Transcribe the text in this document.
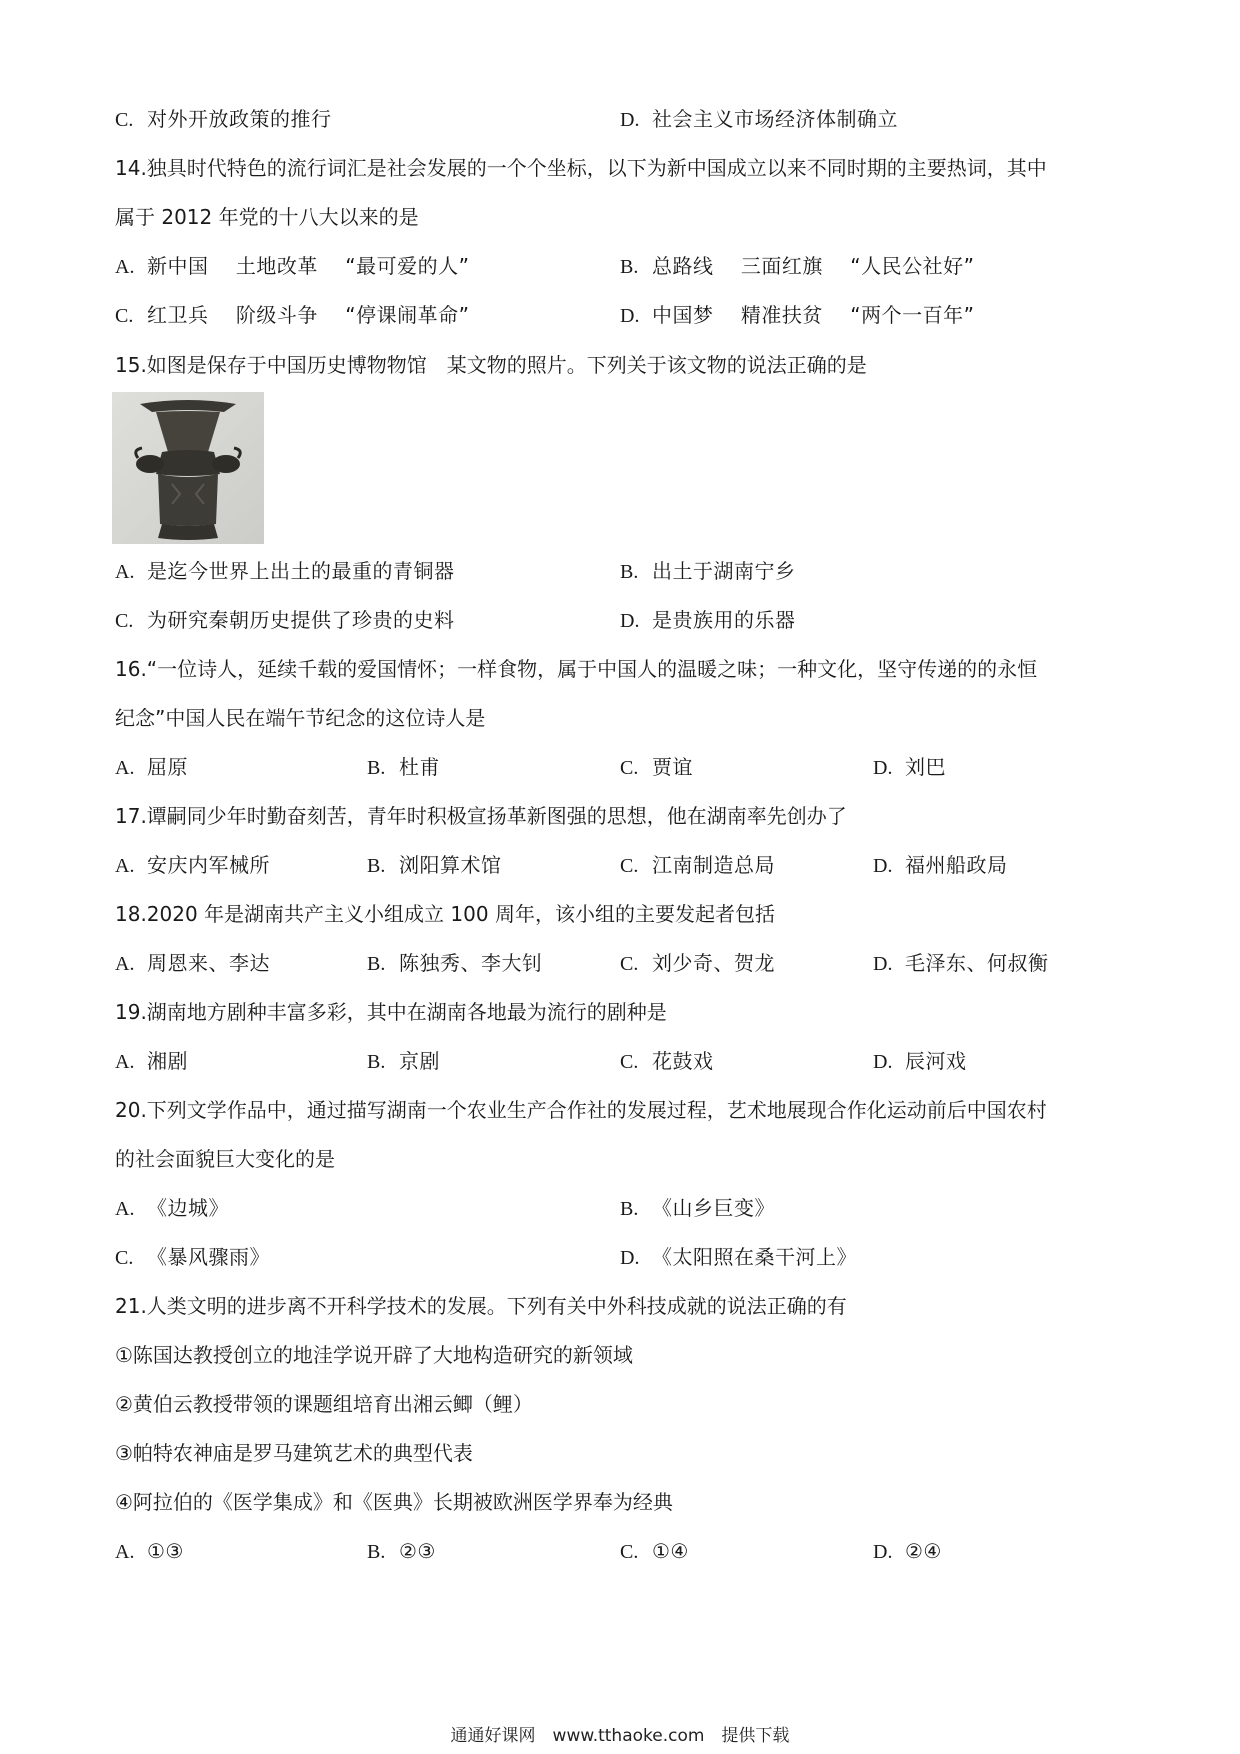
C. 对外开放政策的推行	D. 社会主义市场经济体制确立
14.独具时代特色的流行词汇是社会发展的一个个坐标，以下为新中国成立以来不同时期的主要热词，其中
属于 2012 年党的十八大以来的是
A. 新中国　 土地改革　 “最可爱的人”	B. 总路线　 三面红旗　 “人民公社好”
C. 红卫兵　 阶级斗争　 “停课闹革命”	D. 中国梦　 精准扶贫　 “两个一百年”
15.如图是保存于中国历史博物物馆　某文物的照片。下列关于该文物的说法正确的是
A. 是迄今世界上出土的最重的青铜器	B. 出土于湖南宁乡
C. 为研究秦朝历史提供了珍贵的史料	D. 是贵族用的乐器
16.“一位诗人，延续千载的爱国情怀；一样食物，属于中国人的温暖之味；一种文化，坚守传递的的永恒
纪念”中国人民在端午节纪念的这位诗人是
A. 屈原	B. 杜甫	C. 贾谊	D. 刘巴
17.谭嗣同少年时勤奋刻苦，青年时积极宣扬革新图强的思想，他在湖南率先创办了
A. 安庆内军械所	B. 浏阳算术馆	C. 江南制造总局	D. 福州船政局
18.2020 年是湖南共产主义小组成立 100 周年，该小组的主要发起者包括
A. 周恩来、李达	B. 陈独秀、李大钊	C. 刘少奇、贺龙	D. 毛泽东、何叔衡
19.湖南地方剧种丰富多彩，其中在湖南各地最为流行的剧种是
A. 湘剧	B. 京剧	C. 花鼓戏	D. 辰河戏
20.下列文学作品中，通过描写湖南一个农业生产合作社的发展过程，艺术地展现合作化运动前后中国农村
的社会面貌巨大变化的是
A. 《边城》	B. 《山乡巨变》
C. 《暴风骤雨》	D. 《太阳照在桑干河上》
21.人类文明的进步离不开科学技术的发展。下列有关中外科技成就的说法正确的有
①陈国达教授创立的地洼学说开辟了大地构造研究的新领域
②黄伯云教授带领的课题组培育出湘云鲫（鲤）
③帕特农神庙是罗马建筑艺术的典型代表
④阿拉伯的《医学集成》和《医典》长期被欧洲医学界奉为经典
A. ①③	B. ②③	C. ①④	D. ②④
通通好课网　www.tthaoke.com　提供下载
